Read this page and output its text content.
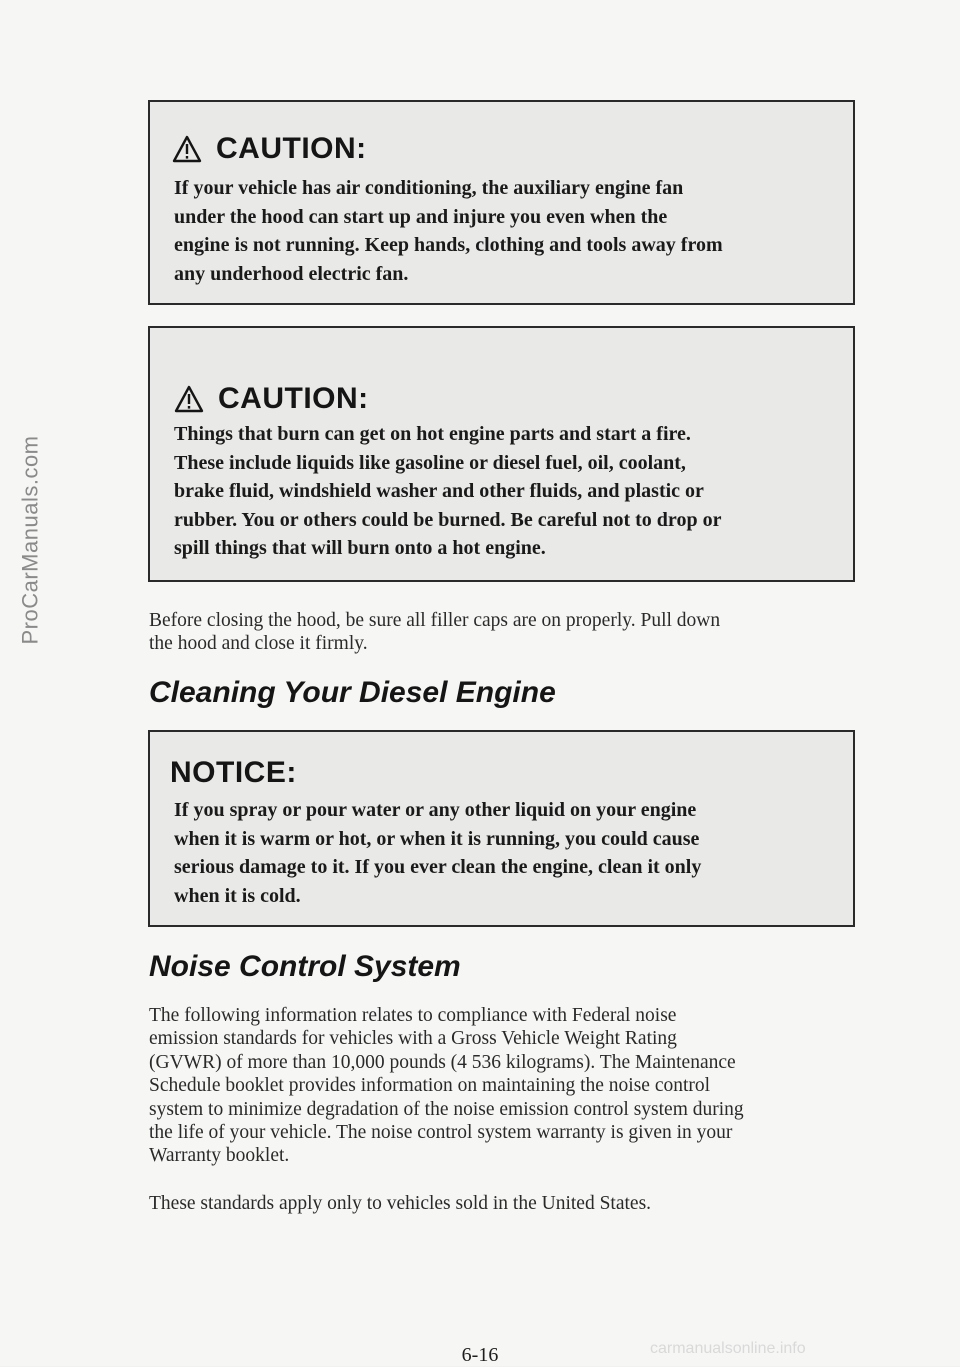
ProCarManuals.com
CAUTION:
If your vehicle has air conditioning, the auxiliary engine fan
under the hood can start up and injure you even when the
engine is not running. Keep hands, clothing and tools away from
any underhood electric fan.
CAUTION:
Things that burn can get on hot engine parts and start a fire.
These include liquids like gasoline or diesel fuel, oil, coolant,
brake fluid, windshield washer and other fluids, and plastic or
rubber. You or others could be burned. Be careful not to drop or
spill things that will burn onto a hot engine.
Before closing the hood, be sure all filler caps are on properly. Pull down
the hood and close it firmly.
Cleaning Your Diesel Engine
NOTICE:
If you spray or pour water or any other liquid on your engine
when it is warm or hot, or when it is running, you could cause
serious damage to it. If you ever clean the engine, clean it only
when it is cold.
Noise Control System
The following information relates to compliance with Federal noise
emission standards for vehicles with a Gross Vehicle Weight Rating
(GVWR) of more than 10,000 pounds (4 536 kilograms). The Maintenance
Schedule booklet provides information on maintaining the noise control
system to minimize degradation of the noise emission control system during
the life of your vehicle. The noise control system warranty is given in your
Warranty booklet.
These standards apply only to vehicles sold in the United States.
6-16	carmanualsonline.info
